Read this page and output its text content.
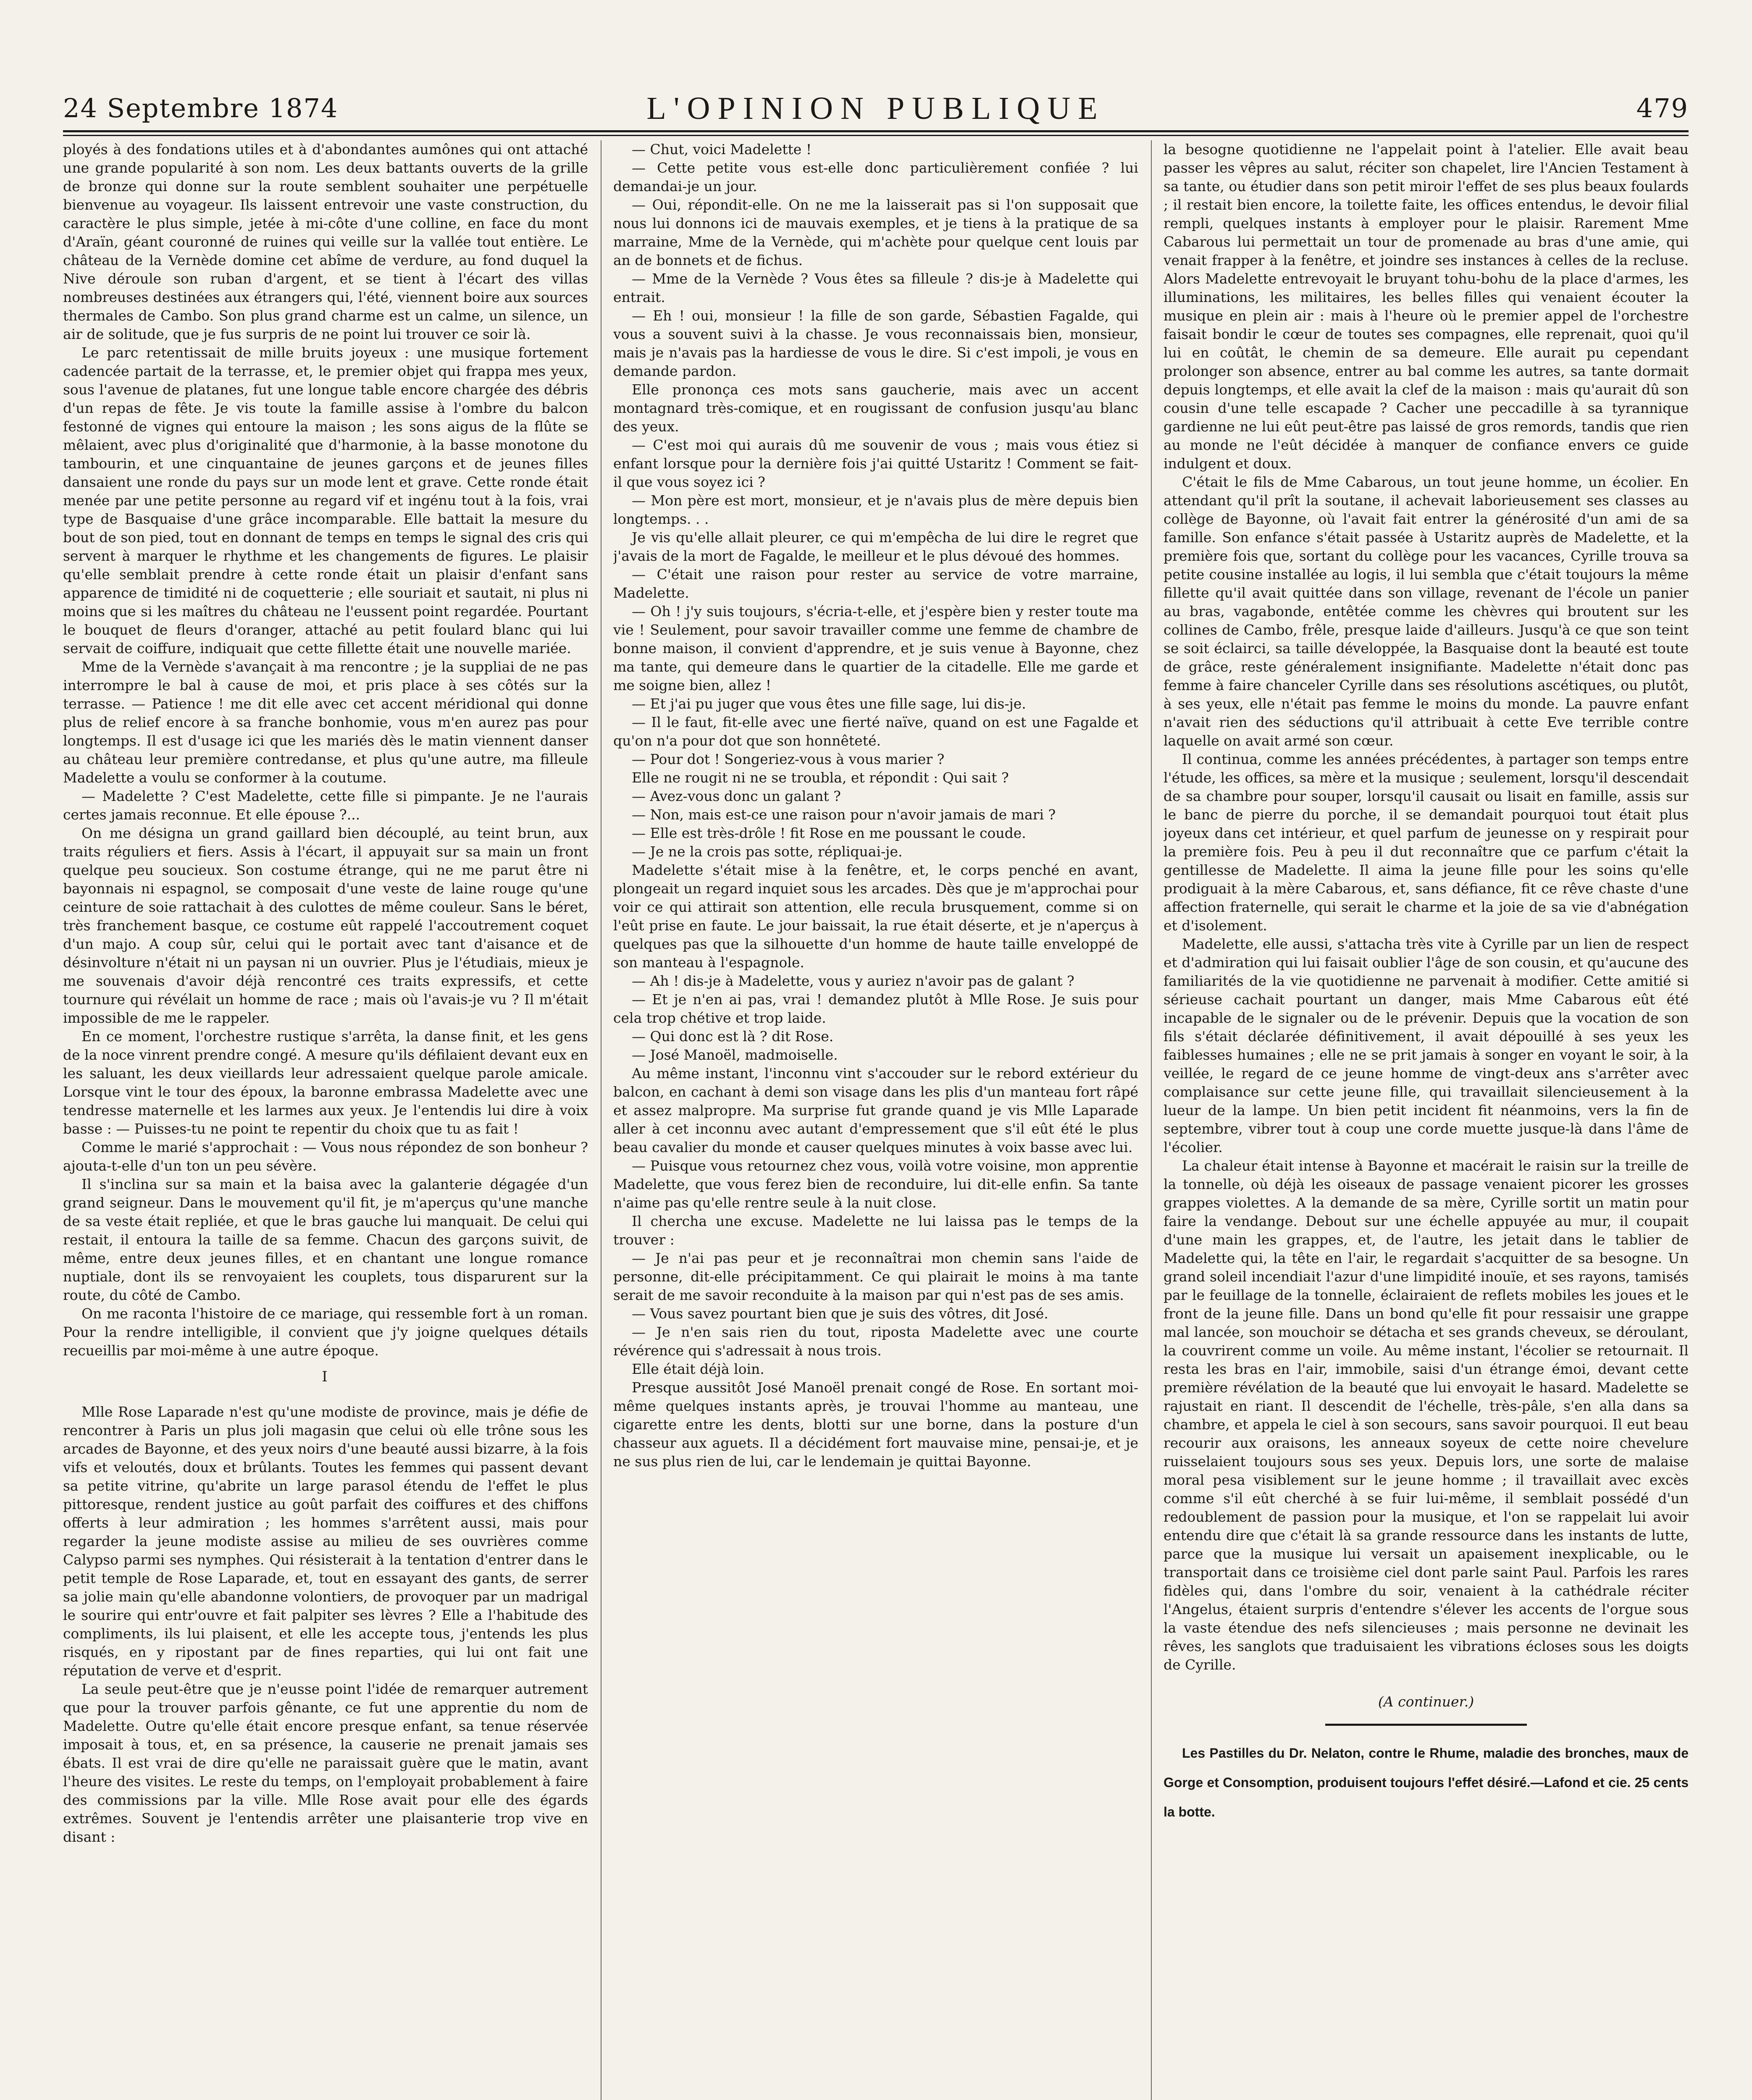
24 Septembre 1874	L'OPINION PUBLIQUE	479

ployés à des fondations utiles et à d'abondantes aumônes qui ont attaché une grande popularité à son nom. Les deux battants ouverts de la grille de bronze qui donne sur la route semblent souhaiter une perpétuelle bienvenue au voyageur. Ils laissent entrevoir une vaste construction, du caractère le plus simple, jetée à mi-côte d'une colline, en face du mont d'Araïn, géant couronné de ruines qui veille sur la vallée tout entière. Le château de la Vernède domine cet abîme de verdure, au fond duquel la Nive déroule son ruban d'argent, et se tient à l'écart des villas nombreuses destinées aux étrangers qui, l'été, viennent boire aux sources thermales de Cambo. Son plus grand charme est un calme, un silence, un air de solitude, que je fus surpris de ne point lui trouver ce soir là.

Le parc retentissait de mille bruits joyeux : une musique fortement cadencée partait de la terrasse, et, le premier objet qui frappa mes yeux, sous l'avenue de platanes, fut une longue table encore chargée des débris d'un repas de fête. Je vis toute la famille assise à l'ombre du balcon festonné de vignes qui entoure la maison ; les sons aigus de la flûte se mêlaient, avec plus d'originalité que d'harmonie, à la basse monotone du tambourin, et une cinquantaine de jeunes garçons et de jeunes filles dansaient une ronde du pays sur un mode lent et grave. Cette ronde était menée par une petite personne au regard vif et ingénu tout à la fois, vrai type de Basquaise d'une grâce incomparable. Elle battait la mesure du bout de son pied, tout en donnant de temps en temps le signal des cris qui servent à marquer le rhythme et les changements de figures. Le plaisir qu'elle semblait prendre à cette ronde était un plaisir d'enfant sans apparence de timidité ni de coquetterie ; elle souriait et sautait, ni plus ni moins que si les maîtres du château ne l'eussent point regardée. Pourtant le bouquet de fleurs d'oranger, attaché au petit foulard blanc qui lui servait de coiffure, indiquait que cette fillette était une nouvelle mariée.

Mme de la Vernède s'avançait à ma rencontre ; je la suppliai de ne pas interrompre le bal à cause de moi, et pris place à ses côtés sur la terrasse. — Patience ! me dit elle avec cet accent méridional qui donne plus de relief encore à sa franche bonhomie, vous m'en aurez pas pour longtemps. Il est d'usage ici que les mariés dès le matin viennent danser au château leur première contredanse, et plus qu'une autre, ma filleule Madelette a voulu se conformer à la coutume.

— Madelette ? C'est Madelette, cette fille si pimpante. Je ne l'aurais certes jamais reconnue. Et elle épouse ?...

On me désigna un grand gaillard bien découplé, au teint brun, aux traits réguliers et fiers. Assis à l'écart, il appuyait sur sa main un front quelque peu soucieux. Son costume étrange, qui ne me parut être ni bayonnais ni espagnol, se composait d'une veste de laine rouge qu'une ceinture de soie rattachait à des culottes de même couleur. Sans le béret, très franchement basque, ce costume eût rappelé l'accoutrement coquet d'un majo. A coup sûr, celui qui le portait avec tant d'aisance et de désinvolture n'était ni un paysan ni un ouvrier. Plus je l'étudiais, mieux je me souvenais d'avoir déjà rencontré ces traits expressifs, et cette tournure qui révélait un homme de race ; mais où l'avais-je vu ? Il m'était impossible de me le rappeler.

En ce moment, l'orchestre rustique s'arrêta, la danse finit, et les gens de la noce vinrent prendre congé. A mesure qu'ils défilaient devant eux en les saluant, les deux vieillards leur adressaient quelque parole amicale. Lorsque vint le tour des époux, la baronne embrassa Madelette avec une tendresse maternelle et les larmes aux yeux. Je l'entendis lui dire à voix basse : — Puisses-tu ne point te repentir du choix que tu as fait !

Comme le marié s'approchait : — Vous nous répondez de son bonheur ? ajouta-t-elle d'un ton un peu sévère.

Il s'inclina sur sa main et la baisa avec la galanterie dégagée d'un grand seigneur. Dans le mouvement qu'il fit, je m'aperçus qu'une manche de sa veste était repliée, et que le bras gauche lui manquait. De celui qui restait, il entoura la taille de sa femme. Chacun des garçons suivit, de même, entre deux jeunes filles, et en chantant une longue romance nuptiale, dont ils se renvoyaient les couplets, tous disparurent sur la route, du côté de Cambo.

On me raconta l'histoire de ce mariage, qui ressemble fort à un roman. Pour la rendre intelligible, il convient que j'y joigne quelques détails recueillis par moi-même à une autre époque.

I

Mlle Rose Laparade n'est qu'une modiste de province, mais je défie de rencontrer à Paris un plus joli magasin que celui où elle trône sous les arcades de Bayonne, et des yeux noirs d'une beauté aussi bizarre, à la fois vifs et veloutés, doux et brûlants. Toutes les femmes qui passent devant sa petite vitrine, qu'abrite un large parasol étendu de l'effet le plus pittoresque, rendent justice au goût parfait des coiffures et des chiffons offerts à leur admiration ; les hommes s'arrêtent aussi, mais pour regarder la jeune modiste assise au milieu de ses ouvrières comme Calypso parmi ses nymphes. Qui résisterait à la tentation d'entrer dans le petit temple de Rose Laparade, et, tout en essayant des gants, de serrer sa jolie main qu'elle abandonne volontiers, de provoquer par un madrigal le sourire qui entr'ouvre et fait palpiter ses lèvres ? Elle a l'habitude des compliments, ils lui plaisent, et elle les accepte tous, j'entends les plus risqués, en y ripostant par de fines reparties, qui lui ont fait une réputation de verve et d'esprit.

La seule peut-être que je n'eusse point l'idée de remarquer autrement que pour la trouver parfois gênante, ce fut une apprentie du nom de Madelette. Outre qu'elle était encore presque enfant, sa tenue réservée imposait à tous, et, en sa présence, la causerie ne prenait jamais ses ébats. Il est vrai de dire qu'elle ne paraissait guère que le matin, avant l'heure des visites. Le reste du temps, on l'employait probablement à faire des commissions par la ville. Mlle Rose avait pour elle des égards extrêmes. Souvent je l'entendis arrêter une plaisanterie trop vive en disant :

— Chut, voici Madelette !

— Cette petite vous est-elle donc particulièrement confiée ? lui demandai-je un jour.

— Oui, répondit-elle. On ne me la laisserait pas si l'on supposait que nous lui donnons ici de mauvais exemples, et je tiens à la pratique de sa marraine, Mme de la Vernède, qui m'achète pour quelque cent louis par an de bonnets et de fichus.

— Mme de la Vernède ? Vous êtes sa filleule ? dis-je à Madelette qui entrait.

— Eh ! oui, monsieur ! la fille de son garde, Sébastien Fagalde, qui vous a souvent suivi à la chasse. Je vous reconnaissais bien, monsieur, mais je n'avais pas la hardiesse de vous le dire. Si c'est impoli, je vous en demande pardon.

Elle prononça ces mots sans gaucherie, mais avec un accent montagnard très-comique, et en rougissant de confusion jusqu'au blanc des yeux.

— C'est moi qui aurais dû me souvenir de vous ; mais vous étiez si enfant lorsque pour la dernière fois j'ai quitté Ustaritz ! Comment se fait-il que vous soyez ici ?

— Mon père est mort, monsieur, et je n'avais plus de mère depuis bien longtemps. . .

Je vis qu'elle allait pleurer, ce qui m'empêcha de lui dire le regret que j'avais de la mort de Fagalde, le meilleur et le plus dévoué des hommes.

— C'était une raison pour rester au service de votre marraine, Madelette.

— Oh ! j'y suis toujours, s'écria-t-elle, et j'espère bien y rester toute ma vie ! Seulement, pour savoir travailler comme une femme de chambre de bonne maison, il convient d'apprendre, et je suis venue à Bayonne, chez ma tante, qui demeure dans le quartier de la citadelle. Elle me garde et me soigne bien, allez !

— Et j'ai pu juger que vous êtes une fille sage, lui dis-je.

— Il le faut, fit-elle avec une fierté naïve, quand on est une Fagalde et qu'on n'a pour dot que son honnêteté.

— Pour dot ! Songeriez-vous à vous marier ?

Elle ne rougit ni ne se troubla, et répondit : Qui sait ?

— Avez-vous donc un galant ?

— Non, mais est-ce une raison pour n'avoir jamais de mari ?

— Elle est très-drôle ! fit Rose en me poussant le coude.

— Je ne la crois pas sotte, répliquai-je.

Madelette s'était mise à la fenêtre, et, le corps penché en avant, plongeait un regard inquiet sous les arcades. Dès que je m'approchai pour voir ce qui attirait son attention, elle recula brusquement, comme si on l'eût prise en faute. Le jour baissait, la rue était déserte, et je n'aperçus à quelques pas que la silhouette d'un homme de haute taille enveloppé de son manteau à l'espagnole.

— Ah ! dis-je à Madelette, vous y auriez n'avoir pas de galant ?

— Et je n'en ai pas, vrai ! demandez plutôt à Mlle Rose. Je suis pour cela trop chétive et trop laide.

— Qui donc est là ? dit Rose.

— José Manoël, madmoiselle.

Au même instant, l'inconnu vint s'accouder sur le rebord extérieur du balcon, en cachant à demi son visage dans les plis d'un manteau fort râpé et assez malpropre. Ma surprise fut grande quand je vis Mlle Laparade aller à cet inconnu avec autant d'empressement que s'il eût été le plus beau cavalier du monde et causer quelques minutes à voix basse avec lui.

— Puisque vous retournez chez vous, voilà votre voisine, mon apprentie Madelette, que vous ferez bien de reconduire, lui dit-elle enfin. Sa tante n'aime pas qu'elle rentre seule à la nuit close.

Il chercha une excuse. Madelette ne lui laissa pas le temps de la trouver :

— Je n'ai pas peur et je reconnaîtrai mon chemin sans l'aide de personne, dit-elle précipitamment. Ce qui plairait le moins à ma tante serait de me savoir reconduite à la maison par qui n'est pas de ses amis.

— Vous savez pourtant bien que je suis des vôtres, dit José.

— Je n'en sais rien du tout, riposta Madelette avec une courte révérence qui s'adressait à nous trois.

Elle était déjà loin.

Presque aussitôt José Manoël prenait congé de Rose. En sortant moi-même quelques instants après, je trouvai l'homme au manteau, une cigarette entre les dents, blotti sur une borne, dans la posture d'un chasseur aux aguets. Il a décidément fort mauvaise mine, pensai-je, et je ne sus plus rien de lui, car le lendemain je quittai Bayonne.

la besogne quotidienne ne l'appelait point à l'atelier. Elle avait beau passer les vêpres au salut, réciter son chapelet, lire l'Ancien Testament à sa tante, ou étudier dans son petit miroir l'effet de ses plus beaux foulards ; il restait bien encore, la toilette faite, les offices entendus, le devoir filial rempli, quelques instants à employer pour le plaisir. Rarement Mme Cabarous lui permettait un tour de promenade au bras d'une amie, qui venait frapper à la fenêtre, et joindre ses instances à celles de la recluse. Alors Madelette entrevoyait le bruyant tohu-bohu de la place d'armes, les illuminations, les militaires, les belles filles qui venaient écouter la musique en plein air : mais à l'heure où le premier appel de l'orchestre faisait bondir le cœur de toutes ses compagnes, elle reprenait, quoi qu'il lui en coûtât, le chemin de sa demeure. Elle aurait pu cependant prolonger son absence, entrer au bal comme les autres, sa tante dormait depuis longtemps, et elle avait la clef de la maison : mais qu'aurait dû son cousin d'une telle escapade ? Cacher une peccadille à sa tyrannique gardienne ne lui eût peut-être pas laissé de gros remords, tandis que rien au monde ne l'eût décidée à manquer de confiance envers ce guide indulgent et doux.

C'était le fils de Mme Cabarous, un tout jeune homme, un écolier. En attendant qu'il prît la soutane, il achevait laborieusement ses classes au collège de Bayonne, où l'avait fait entrer la générosité d'un ami de sa famille. Son enfance s'était passée à Ustaritz auprès de Madelette, et la première fois que, sortant du collège pour les vacances, Cyrille trouva sa petite cousine installée au logis, il lui sembla que c'était toujours la même fillette qu'il avait quittée dans son village, revenant de l'école un panier au bras, vagabonde, entêtée comme les chèvres qui broutent sur les collines de Cambo, frêle, presque laide d'ailleurs. Jusqu'à ce que son teint se soit éclairci, sa taille développée, la Basquaise dont la beauté est toute de grâce, reste généralement insignifiante. Madelette n'était donc pas femme à faire chanceler Cyrille dans ses résolutions ascétiques, ou plutôt, à ses yeux, elle n'était pas femme le moins du monde. La pauvre enfant n'avait rien des séductions qu'il attribuait à cette Eve terrible contre laquelle on avait armé son cœur.

Il continua, comme les années précédentes, à partager son temps entre l'étude, les offices, sa mère et la musique ; seulement, lorsqu'il descendait de sa chambre pour souper, lorsqu'il causait ou lisait en famille, assis sur le banc de pierre du porche, il se demandait pourquoi tout était plus joyeux dans cet intérieur, et quel parfum de jeunesse on y respirait pour la première fois. Peu à peu il dut reconnaître que ce parfum c'était la gentillesse de Madelette. Il aima la jeune fille pour les soins qu'elle prodiguait à la mère Cabarous, et, sans défiance, fit ce rêve chaste d'une affection fraternelle, qui serait le charme et la joie de sa vie d'abnégation et d'isolement.

Madelette, elle aussi, s'attacha très vite à Cyrille par un lien de respect et d'admiration qui lui faisait oublier l'âge de son cousin, et qu'aucune des familiarités de la vie quotidienne ne parvenait à modifier. Cette amitié si sérieuse cachait pourtant un danger, mais Mme Cabarous eût été incapable de le signaler ou de le prévenir. Depuis que la vocation de son fils s'était déclarée définitivement, il avait dépouillé à ses yeux les faiblesses humaines ; elle ne se prit jamais à songer en voyant le soir, à la veillée, le regard de ce jeune homme de vingt-deux ans s'arrêter avec complaisance sur cette jeune fille, qui travaillait silencieusement à la lueur de la lampe. Un bien petit incident fit néanmoins, vers la fin de septembre, vibrer tout à coup une corde muette jusque-là dans l'âme de l'écolier.

La chaleur était intense à Bayonne et macérait le raisin sur la treille de la tonnelle, où déjà les oiseaux de passage venaient picorer les grosses grappes violettes. A la demande de sa mère, Cyrille sortit un matin pour faire la vendange. Debout sur une échelle appuyée au mur, il coupait d'une main les grappes, et, de l'autre, les jetait dans le tablier de Madelette qui, la tête en l'air, le regardait s'acquitter de sa besogne. Un grand soleil incendiait l'azur d'une limpidité inouïe, et ses rayons, tamisés par le feuillage de la tonnelle, éclairaient de reflets mobiles les joues et le front de la jeune fille. Dans un bond qu'elle fit pour ressaisir une grappe mal lancée, son mouchoir se détacha et ses grands cheveux, se déroulant, la couvrirent comme un voile. Au même instant, l'écolier se retournait. Il resta les bras en l'air, immobile, saisi d'un étrange émoi, devant cette première révélation de la beauté que lui envoyait le hasard. Madelette se rajustait en riant. Il descendit de l'échelle, très-pâle, s'en alla dans sa chambre, et appela le ciel à son secours, sans savoir pourquoi. Il eut beau recourir aux oraisons, les anneaux soyeux de cette noire chevelure ruisselaient toujours sous ses yeux. Depuis lors, une sorte de malaise moral pesa visiblement sur le jeune homme ; il travaillait avec excès comme s'il eût cherché à se fuir lui-même, il semblait possédé d'un redoublement de passion pour la musique, et l'on se rappelait lui avoir entendu dire que c'était là sa grande ressource dans les instants de lutte, parce que la musique lui versait un apaisement inexplicable, ou le transportait dans ce troisième ciel dont parle saint Paul. Parfois les rares fidèles qui, dans l'ombre du soir, venaient à la cathédrale réciter l'Angelus, étaient surpris d'entendre s'élever les accents de l'orgue sous la vaste étendue des nefs silencieuses ; mais personne ne devinait les rêves, les sanglots que traduisaient les vibrations écloses sous les doigts de Cyrille.

(A continuer.)
Les Pastilles du Dr. Nelaton, contre le Rhume, maladie des bronches, maux de Gorge et Consomption, produisent toujours l'effet désiré.—Lafond et cie. 25 cents la botte.
